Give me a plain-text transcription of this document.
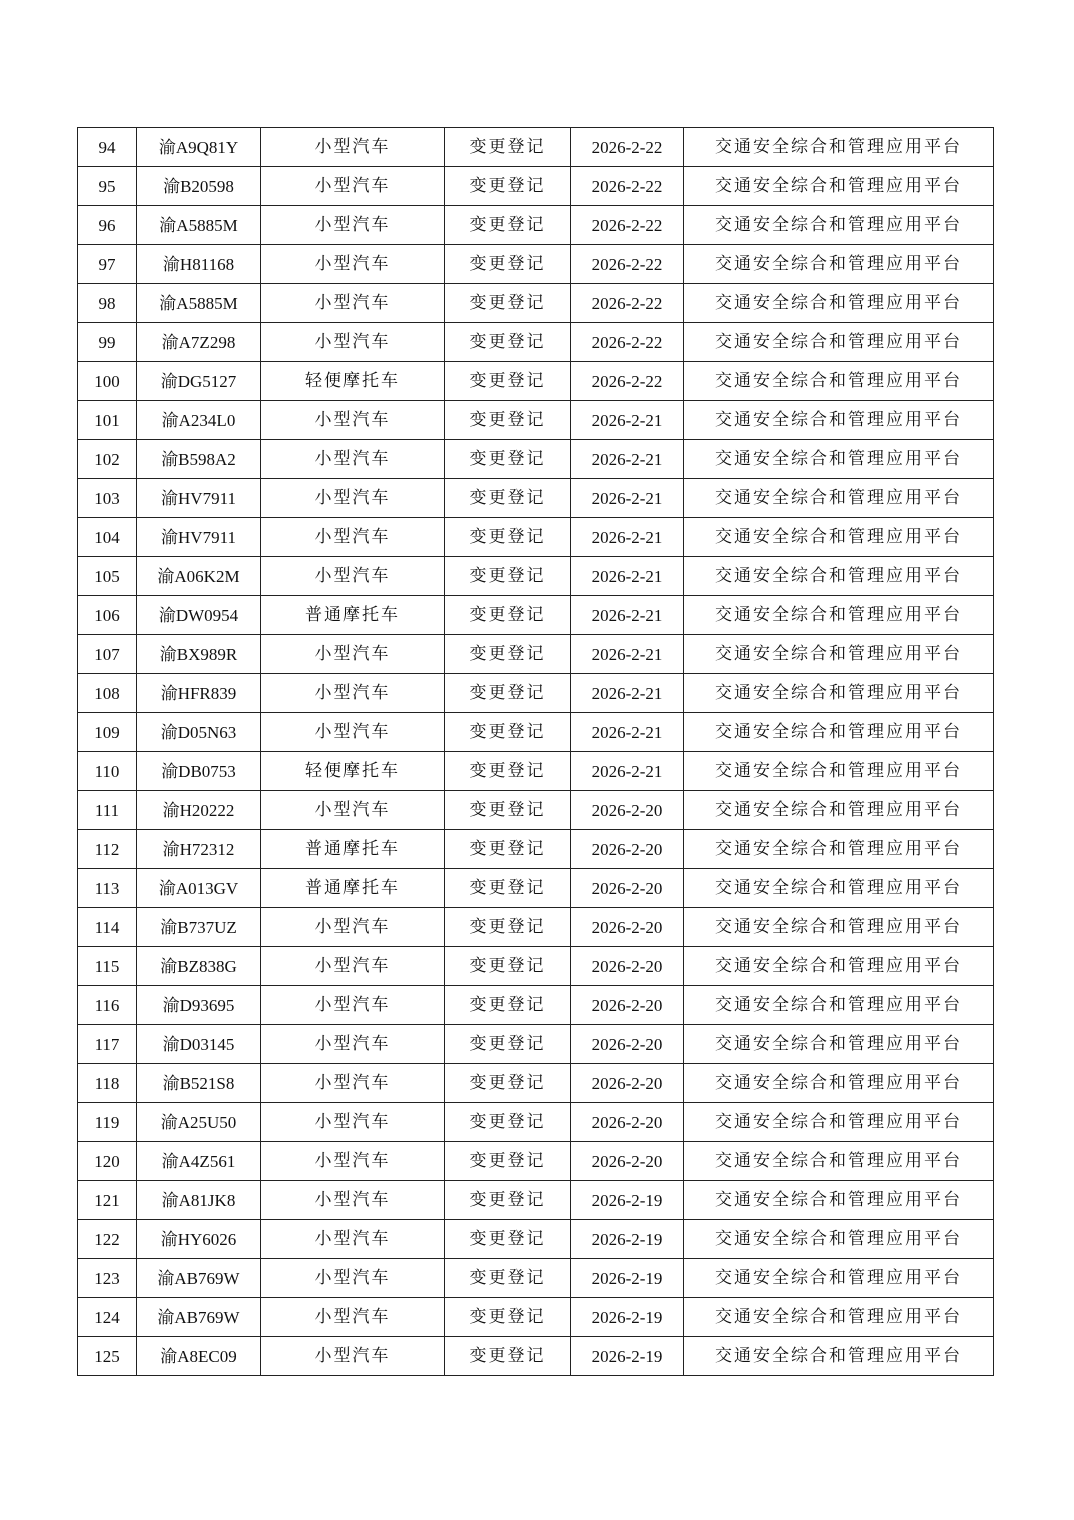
94	渝A9Q81Y	小型汽车	变更登记	2026-2-22	交通安全综合和管理应用平台
95	渝B20598	小型汽车	变更登记	2026-2-22	交通安全综合和管理应用平台
96	渝A5885M	小型汽车	变更登记	2026-2-22	交通安全综合和管理应用平台
97	渝H81168	小型汽车	变更登记	2026-2-22	交通安全综合和管理应用平台
98	渝A5885M	小型汽车	变更登记	2026-2-22	交通安全综合和管理应用平台
99	渝A7Z298	小型汽车	变更登记	2026-2-22	交通安全综合和管理应用平台
100	渝DG5127	轻便摩托车	变更登记	2026-2-22	交通安全综合和管理应用平台
101	渝A234L0	小型汽车	变更登记	2026-2-21	交通安全综合和管理应用平台
102	渝B598A2	小型汽车	变更登记	2026-2-21	交通安全综合和管理应用平台
103	渝HV7911	小型汽车	变更登记	2026-2-21	交通安全综合和管理应用平台
104	渝HV7911	小型汽车	变更登记	2026-2-21	交通安全综合和管理应用平台
105	渝A06K2M	小型汽车	变更登记	2026-2-21	交通安全综合和管理应用平台
106	渝DW0954	普通摩托车	变更登记	2026-2-21	交通安全综合和管理应用平台
107	渝BX989R	小型汽车	变更登记	2026-2-21	交通安全综合和管理应用平台
108	渝HFR839	小型汽车	变更登记	2026-2-21	交通安全综合和管理应用平台
109	渝D05N63	小型汽车	变更登记	2026-2-21	交通安全综合和管理应用平台
110	渝DB0753	轻便摩托车	变更登记	2026-2-21	交通安全综合和管理应用平台
111	渝H20222	小型汽车	变更登记	2026-2-20	交通安全综合和管理应用平台
112	渝H72312	普通摩托车	变更登记	2026-2-20	交通安全综合和管理应用平台
113	渝A013GV	普通摩托车	变更登记	2026-2-20	交通安全综合和管理应用平台
114	渝B737UZ	小型汽车	变更登记	2026-2-20	交通安全综合和管理应用平台
115	渝BZ838G	小型汽车	变更登记	2026-2-20	交通安全综合和管理应用平台
116	渝D93695	小型汽车	变更登记	2026-2-20	交通安全综合和管理应用平台
117	渝D03145	小型汽车	变更登记	2026-2-20	交通安全综合和管理应用平台
118	渝B521S8	小型汽车	变更登记	2026-2-20	交通安全综合和管理应用平台
119	渝A25U50	小型汽车	变更登记	2026-2-20	交通安全综合和管理应用平台
120	渝A4Z561	小型汽车	变更登记	2026-2-20	交通安全综合和管理应用平台
121	渝A81JK8	小型汽车	变更登记	2026-2-19	交通安全综合和管理应用平台
122	渝HY6026	小型汽车	变更登记	2026-2-19	交通安全综合和管理应用平台
123	渝AB769W	小型汽车	变更登记	2026-2-19	交通安全综合和管理应用平台
124	渝AB769W	小型汽车	变更登记	2026-2-19	交通安全综合和管理应用平台
125	渝A8EC09	小型汽车	变更登记	2026-2-19	交通安全综合和管理应用平台
